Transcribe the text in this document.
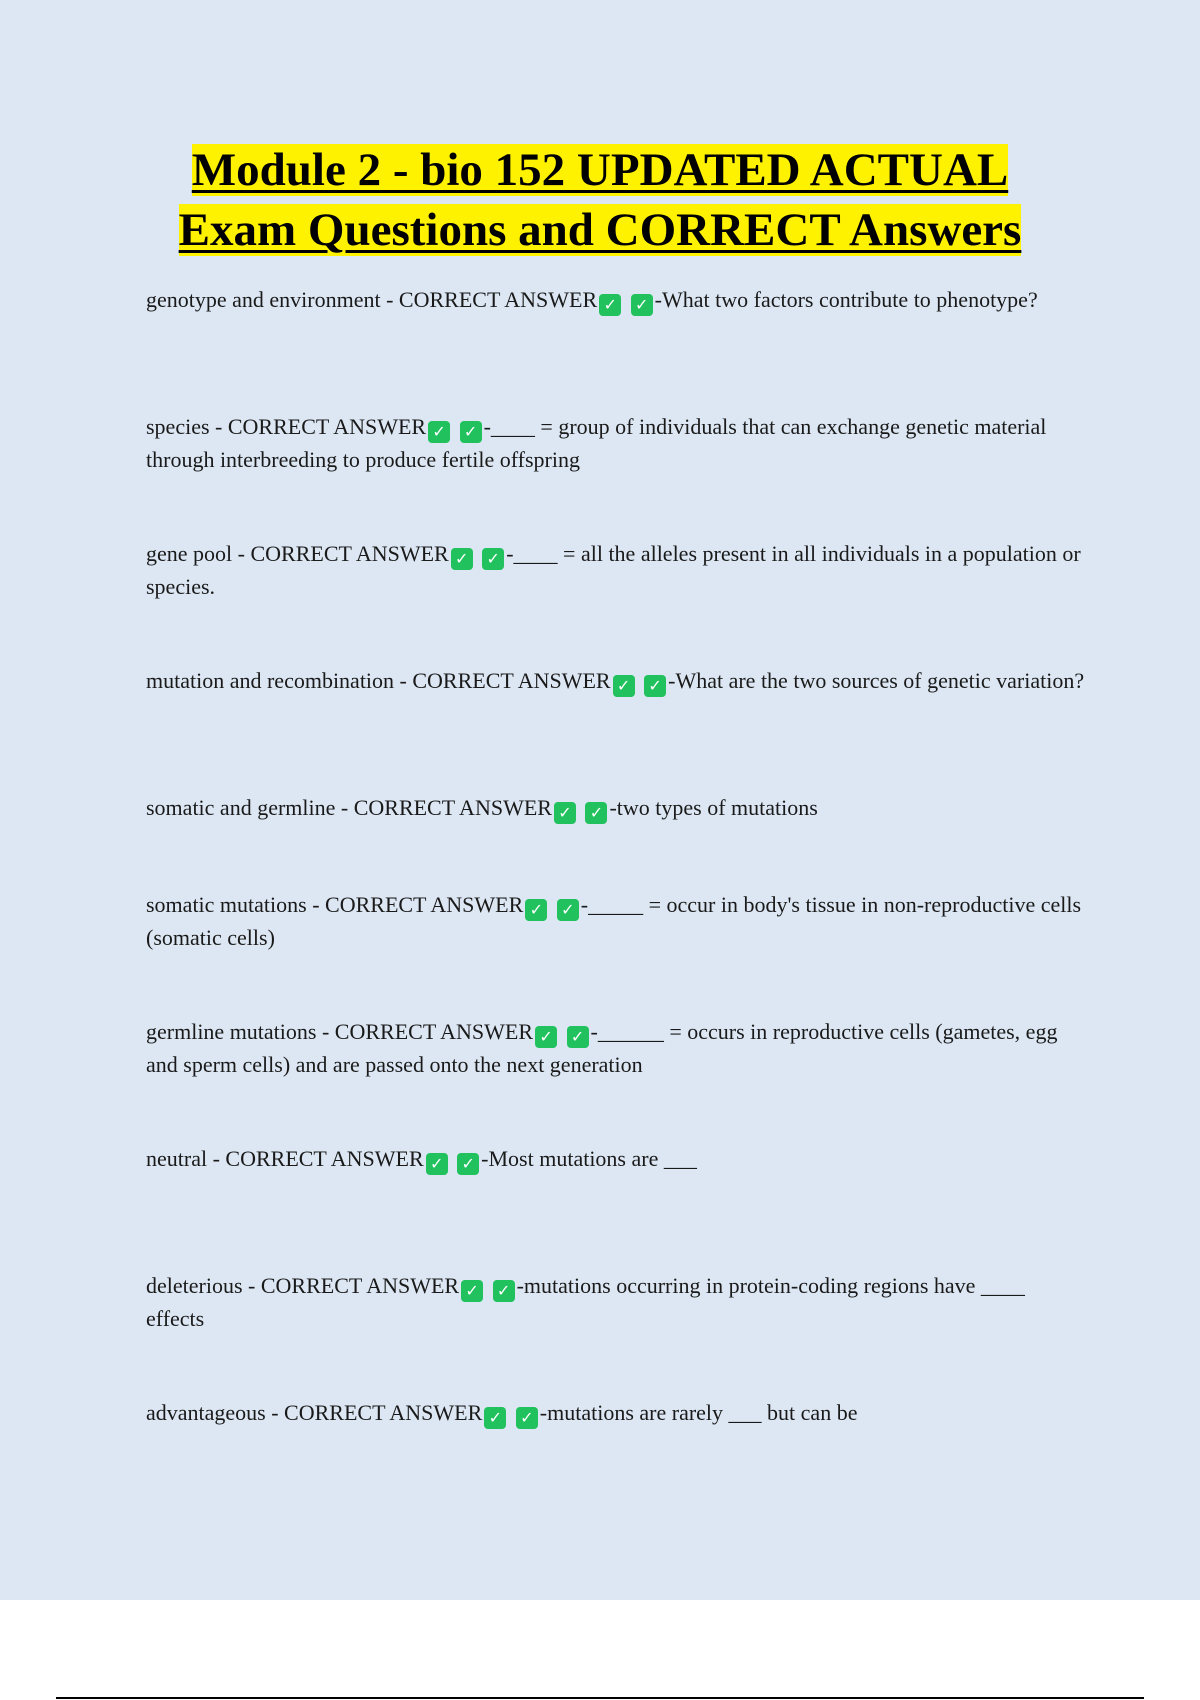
Module 2 - bio 152 UPDATED ACTUAL
Exam Questions and CORRECT Answers
genotype and environment - CORRECT ANSWER ✓ ✓ -What two factors contribute to phenotype?
species - CORRECT ANSWER ✓ ✓ -____ = group of individuals that can exchange genetic material through interbreeding to produce fertile offspring
gene pool - CORRECT ANSWER ✓ ✓ -____ = all the alleles present in all individuals in a population or species.
mutation and recombination - CORRECT ANSWER ✓ ✓ -What are the two sources of genetic variation?
somatic and germline - CORRECT ANSWER ✓ ✓ -two types of mutations
somatic mutations - CORRECT ANSWER ✓ ✓ -_____ = occur in body's tissue in non-reproductive cells (somatic cells)
germline mutations - CORRECT ANSWER ✓ ✓ -______ = occurs in reproductive cells (gametes, egg and sperm cells) and are passed onto the next generation
neutral - CORRECT ANSWER ✓ ✓ -Most mutations are ___
deleterious - CORRECT ANSWER ✓ ✓ -mutations occurring in protein-coding regions have ____ effects
advantageous - CORRECT ANSWER ✓ ✓ -mutations are rarely ___ but can be
